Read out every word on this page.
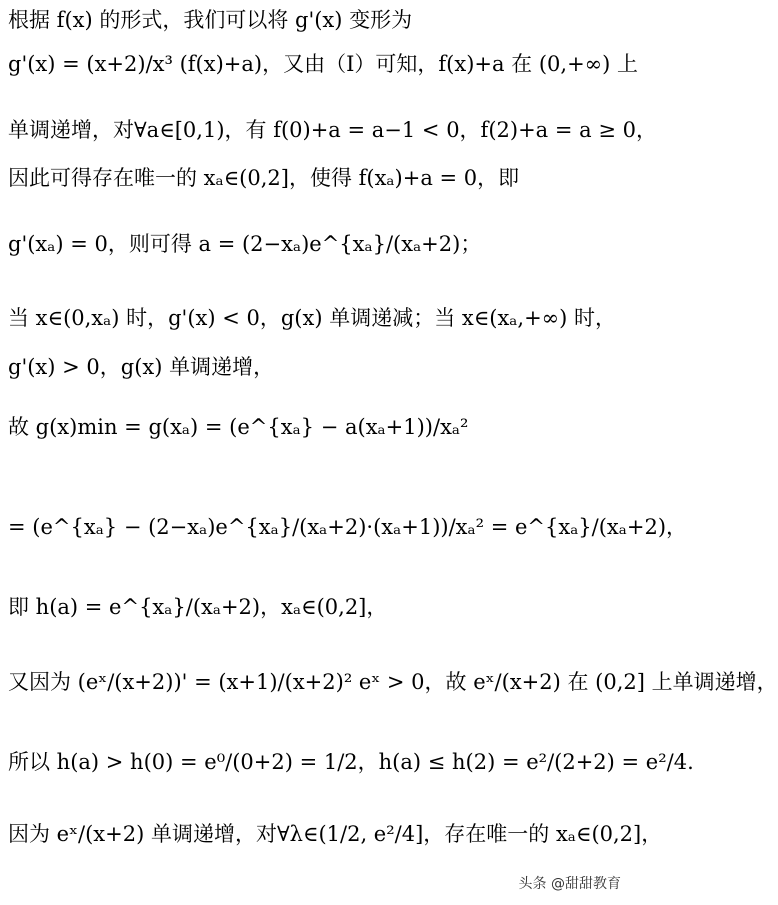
根据 f(x) 的形式，我们可以将 g'(x) 变形为
g'(x) = (x+2)/x³ (f(x)+a)，又由（I）可知，f(x)+a 在 (0,+∞) 上
单调递增，对∀a∈[0,1)，有 f(0)+a = a−1 < 0，f(2)+a = a ≥ 0，
因此可得存在唯一的 xₐ∈(0,2]，使得 f(xₐ)+a = 0，即
g'(xₐ) = 0，则可得 a = (2−xₐ)e^{xₐ}/(xₐ+2)；
当 x∈(0,xₐ) 时，g'(x) < 0，g(x) 单调递减；当 x∈(xₐ,+∞) 时，
g'(x) > 0，g(x) 单调递增，
故 g(x)min = g(xₐ) = (e^{xₐ} − a(xₐ+1))/xₐ²
= (e^{xₐ} − (2−xₐ)e^{xₐ}/(xₐ+2)·(xₐ+1))/xₐ² = e^{xₐ}/(xₐ+2)，
即 h(a) = e^{xₐ}/(xₐ+2)，xₐ∈(0,2]，
又因为 (eˣ/(x+2))' = (x+1)/(x+2)² eˣ > 0，故 eˣ/(x+2) 在 (0,2] 上单调递增，
所以 h(a) > h(0) = e⁰/(0+2) = 1/2，h(a) ≤ h(2) = e²/(2+2) = e²/4.
因为 eˣ/(x+2) 单调递增，对∀λ∈(1/2, e²/4]，存在唯一的 xₐ∈(0,2]，
头条 @甜甜教育
